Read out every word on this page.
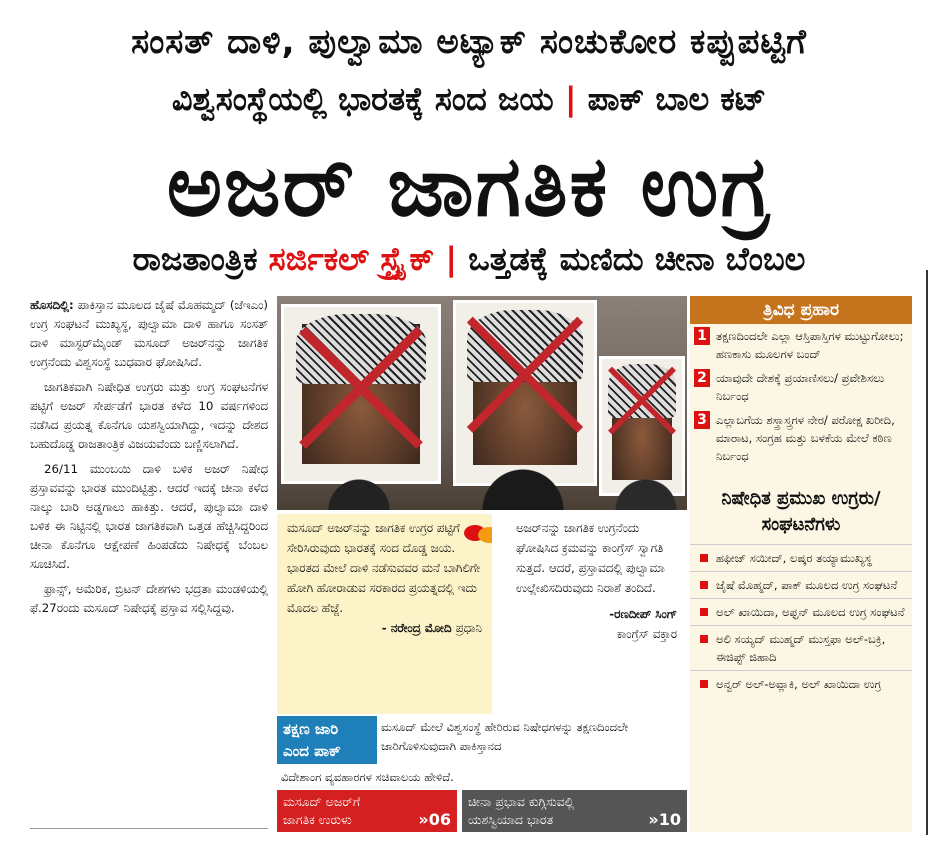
ಸಂಸತ್ ದಾಳಿ, ಪುಲ್ವಾಮಾ ಅಟ್ಯಾಕ್ ಸಂಚುಕೋರ ಕಪ್ಪುಪಟ್ಟಿಗೆ
ವಿಶ್ವಸಂಸ್ಥೆಯಲ್ಲಿ ಭಾರತಕ್ಕೆ ಸಂದ ಜಯ | ಪಾಕ್ ಬಾಲ ಕಟ್
ಅಜರ್ ಜಾಗತಿಕ ಉಗ್ರ
ರಾಜತಾಂತ್ರಿಕ ಸರ್ಜಿಕಲ್ ಸ್ಟ್ರೈಕ್ | ಒತ್ತಡಕ್ಕೆ ಮಣಿದು ಚೀನಾ ಬೆಂಬಲ

ಹೊಸದಿಲ್ಲಿ: ಪಾಕಿಸ್ತಾನ ಮೂಲದ ಜೈಷೆ ಮೊಹಮ್ಮದ್ (ಜೆಇಎಂ) ಉಗ್ರ ಸಂಘಟನೆ ಮುಖ್ಯಸ್ಥ, ಪುಲ್ವಾಮಾ ದಾಳಿ ಹಾಗೂ ಸಂಸತ್ ದಾಳಿ ಮಾಸ್ಟರ್‌ಮೈಂಡ್ ಮಸೂದ್ ಅಜರ್‌ನನ್ನು ಜಾಗತಿಕ ಉಗ್ರನೆಂದು ವಿಶ್ವಸಂಸ್ಥೆ ಬುಧವಾರ ಘೋಷಿಸಿದೆ.

ಜಾಗತಿಕವಾಗಿ ನಿಷೇಧಿತ ಉಗ್ರರು ಮತ್ತು ಉಗ್ರ ಸಂಘಟನೆಗಳ ಪಟ್ಟಿಗೆ ಅಜರ್ ಸೇರ್ಪಡೆಗೆ ಭಾರತ ಕಳೆದ 10 ವರ್ಷಗಳಿಂದ ನಡೆಸಿದ ಪ್ರಯತ್ನ ಕೊನೆಗೂ ಯಶಸ್ವಿಯಾಗಿದ್ದು, ಇದನ್ನು ದೇಶದ ಬಹುದೊಡ್ಡ ರಾಜತಾಂತ್ರಿಕ ವಿಜಯವೆಂದು ಬಣ್ಣಿಸಲಾಗಿದೆ.

26/11 ಮುಂಬಯಿ ದಾಳಿ ಬಳಿಕ ಅಜರ್ ನಿಷೇಧ ಪ್ರಸ್ತಾವವನ್ನು ಭಾರತ ಮುಂದಿಟ್ಟಿತ್ತು. ಆದರೆ ಇದಕ್ಕೆ ಚೀನಾ ಕಳೆದ ನಾಲ್ಕು ಬಾರಿ ಅಡ್ಡಗಾಲು ಹಾಕಿತ್ತು. ಆದರೆ, ಪುಲ್ವಾಮಾ ದಾಳಿ ಬಳಿಕ ಈ ನಿಟ್ಟಿನಲ್ಲಿ ಭಾರತ ಜಾಗತಿಕವಾಗಿ ಒತ್ತಡ ಹೆಚ್ಚಿಸಿದ್ದರಿಂದ ಚೀನಾ ಕೊನೆಗೂ ಆಕ್ಷೇಪಣೆ ಹಿಂಪಡೆದು ನಿಷೇಧಕ್ಕೆ ಬೆಂಬಲ ಸೂಚಿಸಿದೆ.

ಫ್ರಾನ್ಸ್, ಅಮೆರಿಕ, ಬ್ರಿಟನ್ ದೇಶಗಳು ಭದ್ರತಾ ಮಂಡಳಿಯಲ್ಲಿ ಫೆ.27ರಂದು ಮಸೂದ್ ನಿಷೇಧಕ್ಕೆ ಪ್ರಸ್ತಾವ ಸಲ್ಲಿಸಿದ್ದವು.

ಮಸೂದ್ ಅಜರ್‌ನನ್ನು ಜಾಗತಿಕ ಉಗ್ರರ ಪಟ್ಟಿಗೆ ಸೇರಿಸಿರುವುದು ಭಾರತಕ್ಕೆ ಸಂದ ದೊಡ್ಡ ಜಯ. ಭಾರತದ ಮೇಲೆ ದಾಳಿ ನಡೆಸುವವರ ಮನೆ ಬಾಗಿಲಿಗೇ ಹೋಗಿ ಹೋರಾಡುವ ಸರಕಾರದ ಪ್ರಯತ್ನದಲ್ಲಿ ಇದು ಮೊದಲ ಹೆಜ್ಜೆ.
- ನರೇಂದ್ರ ಮೋದಿ ಪ್ರಧಾನಿ
ಅಜರ್‌ನನ್ನು ಜಾಗತಿಕ ಉಗ್ರನೆಂದು ಘೋಷಿಸಿದ ಕ್ರಮವನ್ನು ಕಾಂಗ್ರೆಸ್ ಸ್ವಾಗತಿ ಸುತ್ತದೆ. ಆದರೆ, ಪ್ರಸ್ತಾವದಲ್ಲಿ ಪುಲ್ವಾಮಾ ಉಲ್ಲೇಖಿಸದಿರುವುದು ನಿರಾಶೆ ತಂದಿದೆ.
-ರಣದೀಪ್ ಸಿಂಗ್
ಕಾಂಗ್ರೆಸ್ ವಕ್ತಾರ
ತ್ರಿವಿಧ ಪ್ರಹಾರ
1 ತಕ್ಷಣದಿಂದಲೇ ಎಲ್ಲಾ ಆಸ್ತಿಪಾಸ್ತಿಗಳ ಮುಟ್ಟುಗೋಲು; ಹಣಕಾಸು ಮೂಲಗಳ ಬಂದ್
2 ಯಾವುದೇ ದೇಶಕ್ಕೆ ಪ್ರಯಾಣಿಸಲು/ ಪ್ರವೇಶಿಸಲು ನಿರ್ಬಂಧ
3 ಎಲ್ಲಾಬಗೆಯ ಶಸ್ತ್ರಾಸ್ತ್ರಗಳ ನೇರ/ ಪರೋಕ್ಷ ಖರೀದಿ, ಮಾರಾಟ, ಸಂಗ್ರಹ ಮತ್ತು ಬಳಕೆಯ ಮೇಲೆ ಕಠಿಣ ನಿರ್ಬಂಧ
ನಿಷೇಧಿತ ಪ್ರಮುಖ ಉಗ್ರರು/ಸಂಘಟನೆಗಳು
ಹಫೀಜ್ ಸಯೀದ್, ಲಷ್ಕರ ತಯ್ಯಾಮುಖ್ಯಸ್ಥ
ಜೈಷೆ ಮೊಹ್ಮದ್, ಪಾಕ್ ಮೂಲದ ಉಗ್ರ ಸಂಘಟನೆ
ಅಲ್ ಖಾಯಿದಾ, ಅಫ್ಘನ್ ಮೂಲದ ಉಗ್ರ ಸಂಘಟನೆ
ಅಲಿ ಸಯ್ಯದ್ ಮುಹ್ಮದ್ ಮುಸ್ತಫಾ ಅಲ್-ಬಕ್ರಿ, ಈಜಿಪ್ಟ್ ಜಿಹಾದಿ
ಅನ್ವರ್ ಅಲ್-ಅವ್ಲಾಕಿ, ಅಲ್ ಖಾಯಿದಾ ಉಗ್ರ
ತಕ್ಷಣ ಜಾರಿ
ಎಂದ ಪಾಕ್
ಮಸೂದ್ ಮೇಲೆ ವಿಶ್ವಸಂಸ್ಥೆ ಹೇರಿರುವ ನಿಷೇಧಗಳನ್ನು ತಕ್ಷಣದಿಂದಲೇ ಜಾರಿಗೊಳಿಸುವುದಾಗಿ ಪಾಕಿಸ್ತಾನದ
ವಿದೇಶಾಂಗ ವ್ಯವಹಾರಗಳ ಸಚಿವಾಲಯ ಹೇಳಿದೆ.
ಮಸೂದ್ ಅಜರ್‌ಗೆ
ಜಾಗತಿಕ ಉರುಳು	»06
ಚೀನಾ ಪ್ರಭಾವ ಕುಗ್ಗಿಸುವಲ್ಲಿ
ಯಶಸ್ವಿಯಾದ ಭಾರತ	»10
